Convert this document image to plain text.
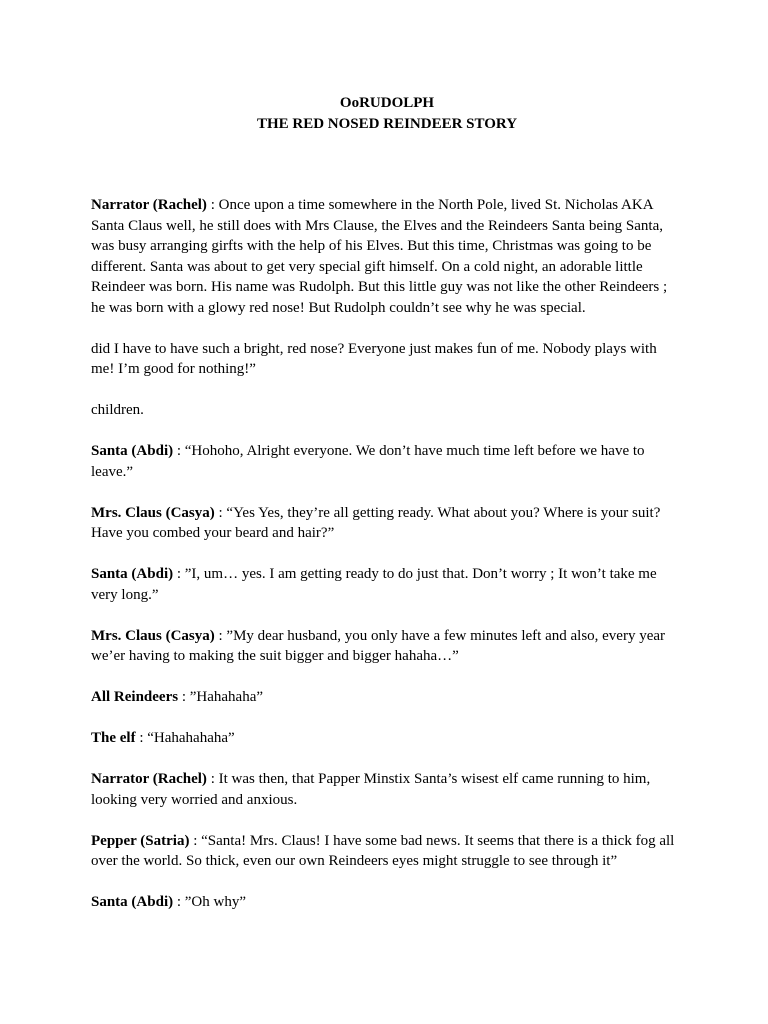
OoRUDOLPH

THE RED NOSED REINDEER STORY

Narrator (Rachel) : Once upon a time somewhere in the North Pole, lived St. Nicholas AKA Santa Claus well, he still does with Mrs Clause, the Elves and the Reindeers Santa being Santa, was busy arranging girfts with the help of his Elves. But this time, Christmas was going to be different. Santa was about to get very special gift himself. On a cold night, an adorable little Reindeer was born. His name was Rudolph. But this little guy was not like the other Reindeers ; he was born with a glowy red nose! But Rudolph couldn’t see why he was special.

did I have to have such a bright, red nose? Everyone just makes fun of me. Nobody plays with me! I’m good for nothing!”

children.

Santa (Abdi) : “Hohoho, Alright everyone. We don’t have much time left before we have to leave.”

Mrs. Claus (Casya) : “Yes Yes, they’re all getting ready. What about you? Where is your suit? Have you combed your beard and hair?”

Santa (Abdi) : ”I, um… yes. I am getting ready to do just that. Don’t worry ; It won’t take me very long.”

Mrs. Claus (Casya) : ”My dear husband, you only have a few minutes left and also, every year we’er having to making the suit bigger and bigger hahaha…”

All Reindeers : ”Hahahaha”

The elf : “Hahahahaha”

Narrator (Rachel) : It was then, that Papper Minstix Santa’s wisest elf came running to him, looking very worried and anxious.

Pepper (Satria) : “Santa! Mrs. Claus! I have some bad news. It seems that there is a thick fog all over the world. So thick, even our own Reindeers eyes might struggle to see through it”

Santa (Abdi) : ”Oh why”
